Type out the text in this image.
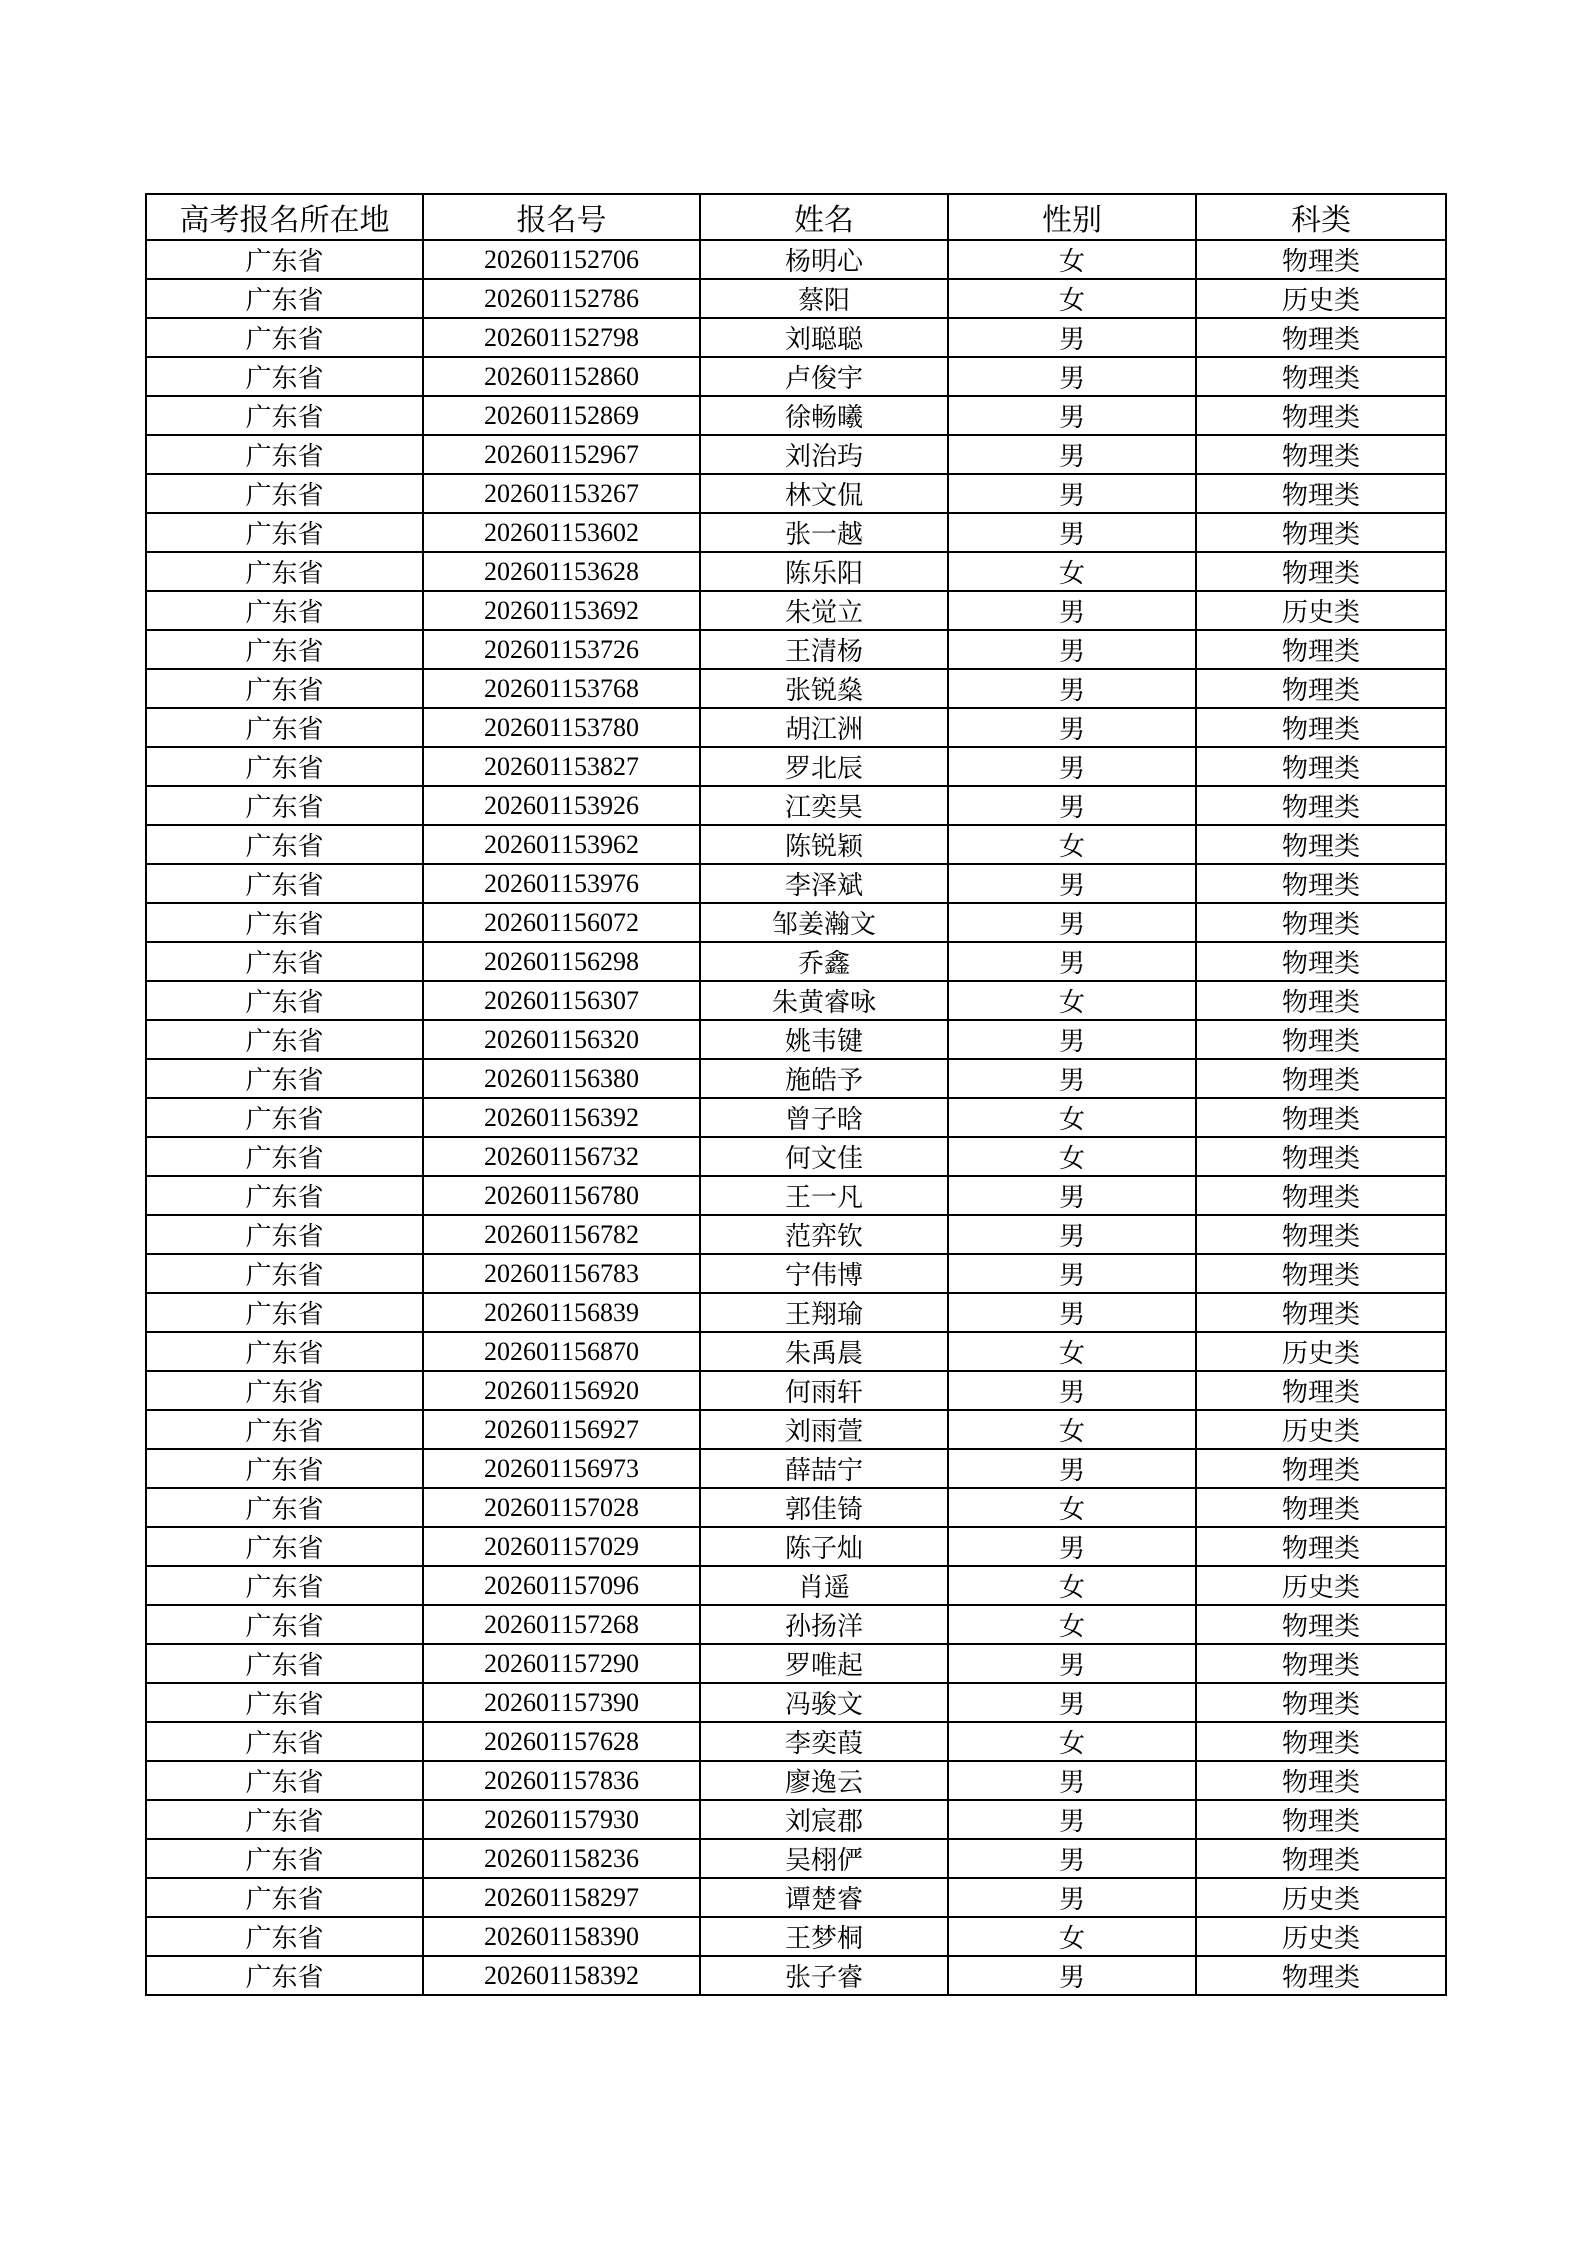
高考报名所在地	报名号	姓名	性别	科类
广东省	202601152706	杨明心	女	物理类
广东省	202601152786	蔡阳	女	历史类
广东省	202601152798	刘聪聪	男	物理类
广东省	202601152860	卢俊宇	男	物理类
广东省	202601152869	徐畅曦	男	物理类
广东省	202601152967	刘治玙	男	物理类
广东省	202601153267	林文侃	男	物理类
广东省	202601153602	张一越	男	物理类
广东省	202601153628	陈乐阳	女	物理类
广东省	202601153692	朱觉立	男	历史类
广东省	202601153726	王清杨	男	物理类
广东省	202601153768	张锐燊	男	物理类
广东省	202601153780	胡江洲	男	物理类
广东省	202601153827	罗北辰	男	物理类
广东省	202601153926	江奕昊	男	物理类
广东省	202601153962	陈锐颖	女	物理类
广东省	202601153976	李泽斌	男	物理类
广东省	202601156072	邹姜瀚文	男	物理类
广东省	202601156298	乔鑫	男	物理类
广东省	202601156307	朱黄睿咏	女	物理类
广东省	202601156320	姚韦键	男	物理类
广东省	202601156380	施皓予	男	物理类
广东省	202601156392	曾子晗	女	物理类
广东省	202601156732	何文佳	女	物理类
广东省	202601156780	王一凡	男	物理类
广东省	202601156782	范弈钦	男	物理类
广东省	202601156783	宁伟博	男	物理类
广东省	202601156839	王翔瑜	男	物理类
广东省	202601156870	朱禹晨	女	历史类
广东省	202601156920	何雨轩	男	物理类
广东省	202601156927	刘雨萱	女	历史类
广东省	202601156973	薛喆宁	男	物理类
广东省	202601157028	郭佳锜	女	物理类
广东省	202601157029	陈子灿	男	物理类
广东省	202601157096	肖遥	女	历史类
广东省	202601157268	孙扬洋	女	物理类
广东省	202601157290	罗唯起	男	物理类
广东省	202601157390	冯骏文	男	物理类
广东省	202601157628	李奕葭	女	物理类
广东省	202601157836	廖逸云	男	物理类
广东省	202601157930	刘宸郡	男	物理类
广东省	202601158236	吴栩俨	男	物理类
广东省	202601158297	谭楚睿	男	历史类
广东省	202601158390	王梦桐	女	历史类
广东省	202601158392	张子睿	男	物理类
